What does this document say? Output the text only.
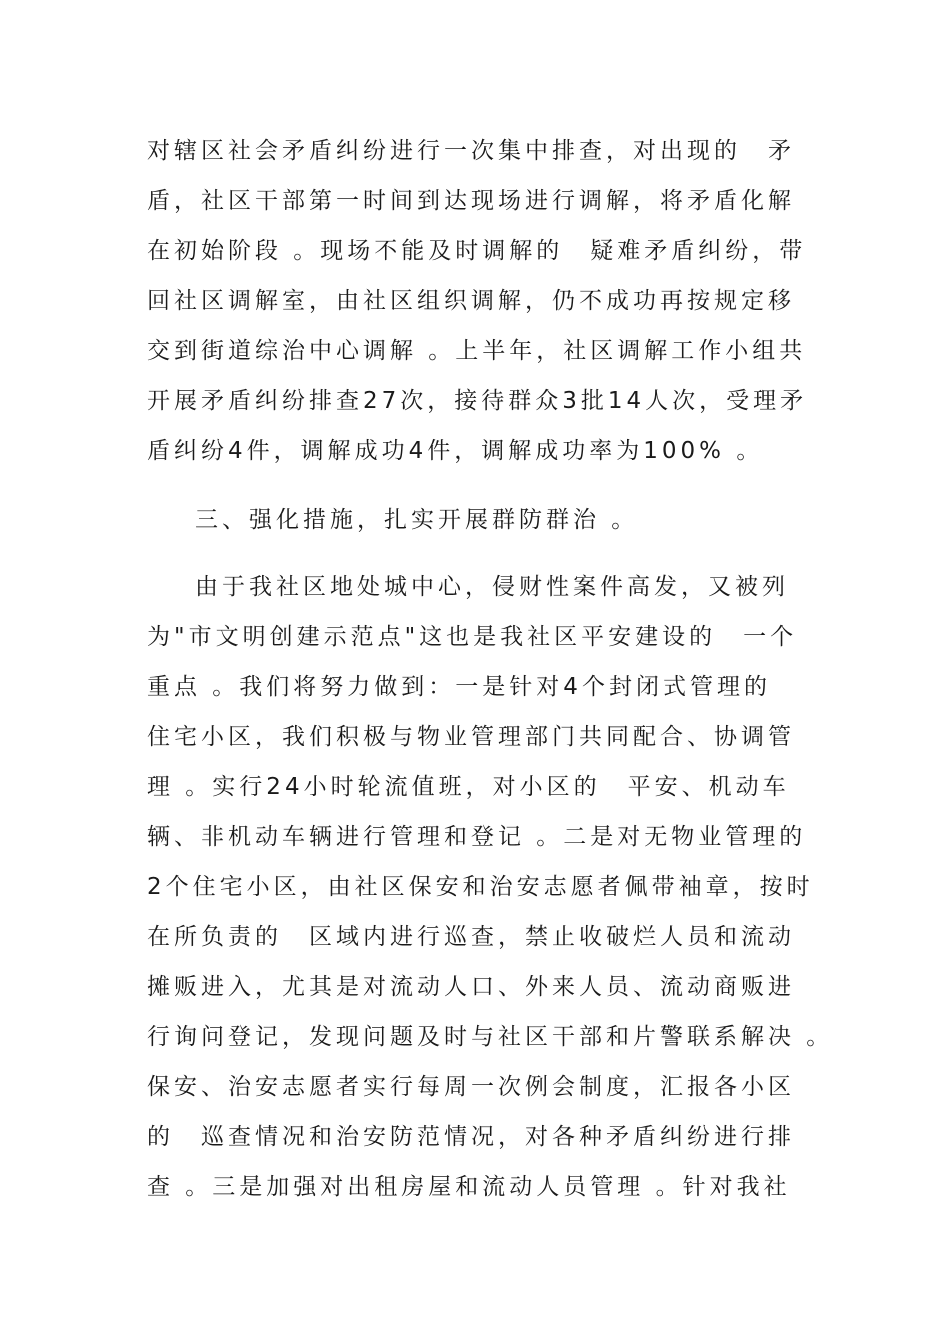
对辖区社会矛盾纠纷进行一次集中排查，对出现的　矛
盾，社区干部第一时间到达现场进行调解，将矛盾化解
在初始阶段 。现场不能及时调解的　疑难矛盾纠纷，带
回社区调解室，由社区组织调解，仍不成功再按规定移
交到街道综治中心调解 。上半年，社区调解工作小组共
开展矛盾纠纷排查27次，接待群众3批14人次，受理矛
盾纠纷4件，调解成功4件，调解成功率为100% 。
三、强化措施，扎实开展群防群治 。
由于我社区地处城中心，侵财性案件高发，又被列
为"市文明创建示范点"这也是我社区平安建设的　一个
重点 。我们将努力做到：一是针对4个封闭式管理的
住宅小区，我们积极与物业管理部门共同配合、协调管
理 。实行24小时轮流值班，对小区的　平安、机动车
辆、非机动车辆进行管理和登记 。二是对无物业管理的
2个住宅小区，由社区保安和治安志愿者佩带袖章，按时
在所负责的　区域内进行巡查，禁止收破烂人员和流动
摊贩进入，尤其是对流动人口、外来人员、流动商贩进
行询问登记，发现问题及时与社区干部和片警联系解决 。
保安、治安志愿者实行每周一次例会制度，汇报各小区
的　巡查情况和治安防范情况，对各种矛盾纠纷进行排
查 。三是加强对出租房屋和流动人员管理 。针对我社
